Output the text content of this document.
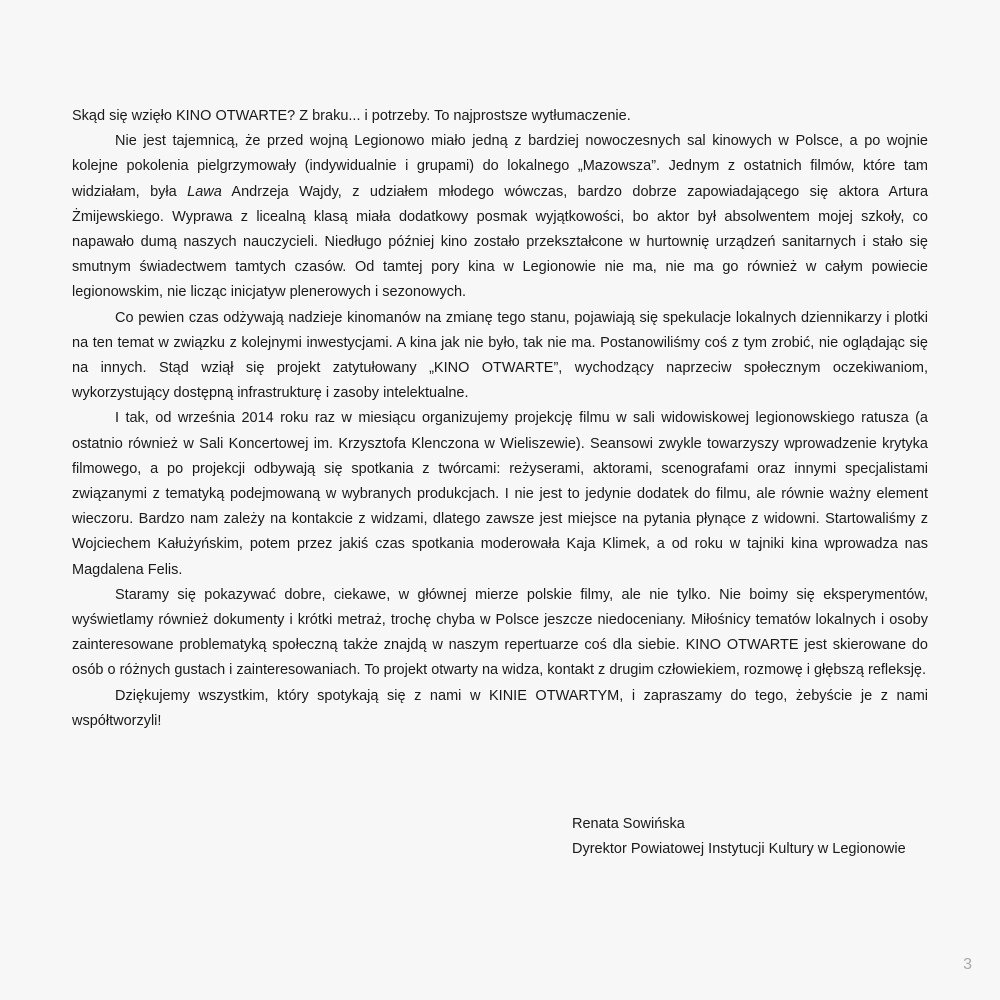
Skąd się wzięło KINO OTWARTE? Z braku... i potrzeby. To najprostsze wytłumaczenie.

Nie jest tajemnicą, że przed wojną Legionowo miało jedną z bardziej nowoczesnych sal kinowych w Polsce, a po wojnie kolejne pokolenia pielgrzymowały (indywidualnie i grupami) do lokalnego „Mazowsza”. Jednym z ostatnich filmów, które tam widziałam, była Lawa Andrzeja Wajdy, z udziałem młodego wówczas, bardzo dobrze zapowiadającego się aktora Artura Żmijewskiego. Wyprawa z licealną klasą miała dodatkowy posmak wyjątkowości, bo aktor był absolwentem mojej szkoły, co napawało dumą naszych nauczycieli. Niedługo później kino zostało przekształcone w hurtownię urządzeń sanitarnych i stało się smutnym świadectwem tamtych czasów. Od tamtej pory kina w Legionowie nie ma, nie ma go również w całym powiecie legionowskim, nie licząc inicjatyw plenerowych i sezonowych.

Co pewien czas odżywają nadzieje kinomanów na zmianę tego stanu, pojawiają się spekulacje lokalnych dziennikarzy i plotki na ten temat w związku z kolejnymi inwestycjami. A kina jak nie było, tak nie ma. Postanowiliśmy coś z tym zrobić, nie oglądając się na innych. Stąd wziął się projekt zatytułowany „KINO OTWARTE”, wychodzący naprzeciw społecznym oczekiwaniom, wykorzystujący dostępną infrastrukturę i zasoby intelektualne.

I tak, od września 2014 roku raz w miesiącu organizujemy projekcję filmu w sali widowiskowej legionowskiego ratusza (a ostatnio również w Sali Koncertowej im. Krzysztofa Klenczona w Wieliszewie). Seansowi zwykle towarzyszy wprowadzenie krytyka filmowego, a po projekcji odbywają się spotkania z twórcami: reżyserami, aktorami, scenografami oraz innymi specjalistami związanymi z tematyką podejmowaną w wybranych produkcjach. I nie jest to jedynie dodatek do filmu, ale równie ważny element wieczoru. Bardzo nam zależy na kontakcie z widzami, dlatego zawsze jest miejsce na pytania płynące z widowni. Startowaliśmy z Wojciechem Kałużyńskim, potem przez jakiś czas spotkania moderowała Kaja Klimek, a od roku w tajniki kina wprowadza nas Magdalena Felis.

Staramy się pokazywać dobre, ciekawe, w głównej mierze polskie filmy, ale nie tylko. Nie boimy się eksperymentów, wyświetlamy również dokumenty i krótki metraż, trochę chyba w Polsce jeszcze niedoceniany. Miłośnicy tematów lokalnych i osoby zainteresowane problematyką społeczną także znajdą w naszym repertuarze coś dla siebie. KINO OTWARTE jest skierowane do osób o różnych gustach i zainteresowaniach. To projekt otwarty na widza, kontakt z drugim człowiekiem, rozmowę i głębszą refleksję.

Dziękujemy wszystkim, który spotykają się z nami w KINIE OTWARTYM, i zapraszamy do tego, żebyście je z nami współtworzyli!

Renata Sowińska
Dyrektor Powiatowej Instytucji Kultury w Legionowie
3
